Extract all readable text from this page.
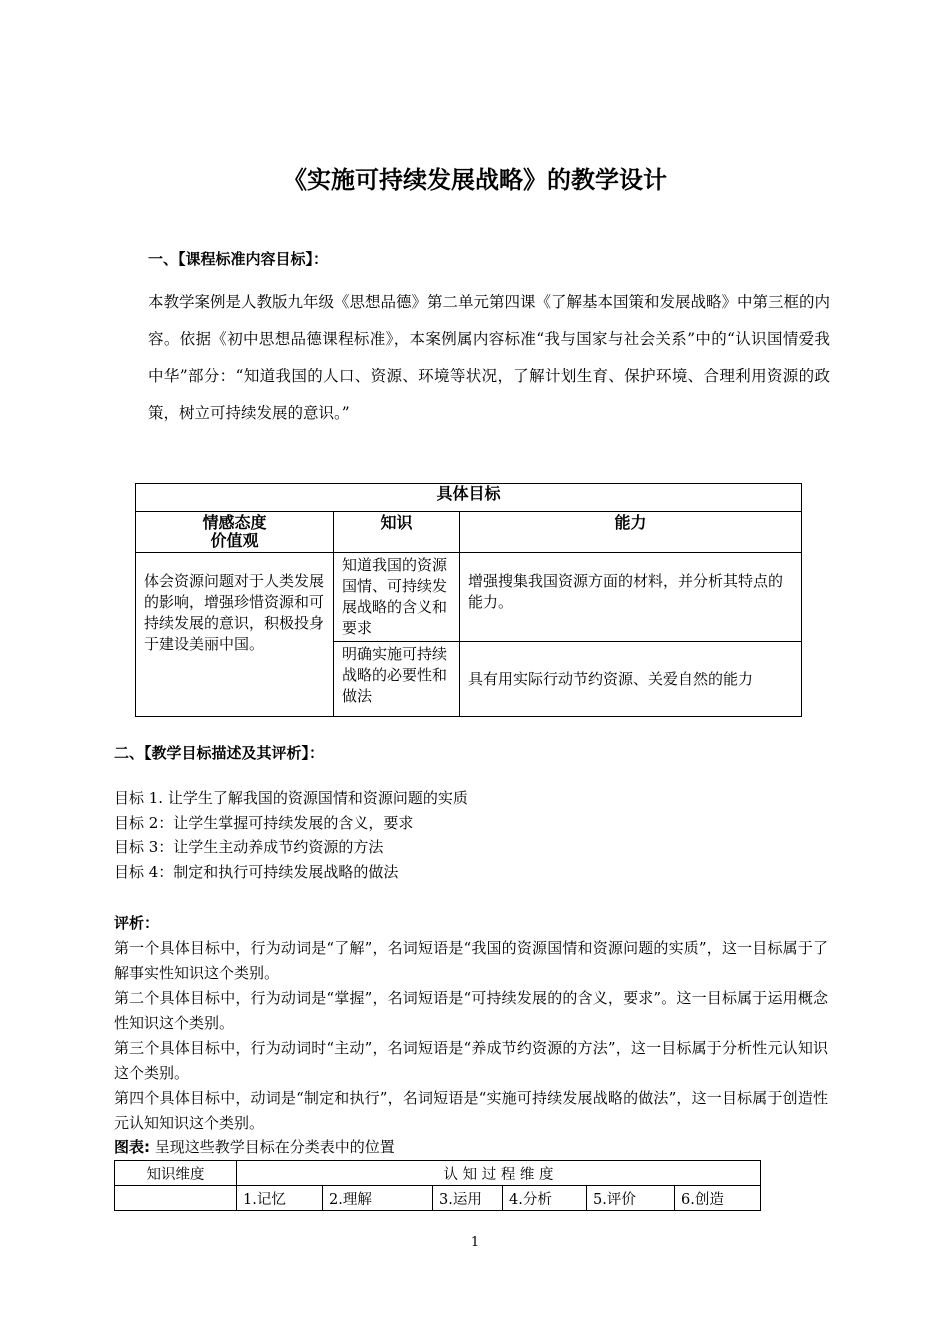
《实施可持续发展战略》的教学设计
一、【课程标准内容目标】：

本教学案例是人教版九年级《思想品德》第二单元第四课《了解基本国策和发展战略》中第三框的内容。依据《初中思想品德课程标准》，本案例属内容标准“我与国家与社会关系”中的“认识国情爱我中华”部分：“知道我国的人口、资源、环境等状况，了解计划生育、保护环境、合理利用资源的政策，树立可持续发展的意识。”

具体目标		

情感态度
价值观	知识	能力
体会资源问题对于人类发展的影响，增强珍惜资源和可持续发展的意识，积极投身于建设美丽中国。	知道我国的资源国情、可持续发展战略的含义和要求	增强搜集我国资源方面的材料，并分析其特点的能力。
	明确实施可持续战略的必要性和做法	具有用实际行动节约资源、关爱自然的能力
二、【教学目标描述及其评析】：
目标 1. 让学生了解我国的资源国情和资源问题的实质
目标 2：让学生掌握可持续发展的含义，要求
目标 3：让学生主动养成节约资源的方法
目标 4：制定和执行可持续发展战略的做法
评析：

第一个具体目标中，行为动词是“了解”，名词短语是“我国的资源国情和资源问题的实质”，这一目标属于了解事实性知识这个类别。

第二个具体目标中，行为动词是“掌握”，名词短语是“可持续发展的的含义，要求”。这一目标属于运用概念性知识这个类别。

第三个具体目标中，行为动词时“主动”，名词短语是“养成节约资源的方法”，这一目标属于分析性元认知识这个类别。

第四个具体目标中，动词是“制定和执行”，名词短语是“实施可持续发展战略的做法”，这一目标属于创造性元认知知识这个类别。

图表: 呈现这些教学目标在分类表中的位置
知识维度	认 知 过 程 维 度					
	1.记忆	2.理解	3.运用	4.分析	5.评价	6.创造
1
